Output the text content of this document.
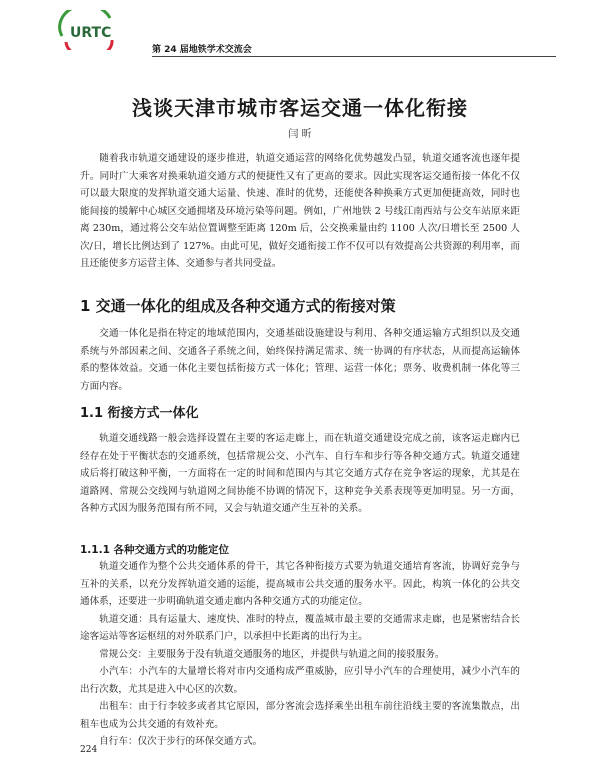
URTC
第 24 届地铁学术交流会
浅谈天津市城市客运交通一体化衔接
闫 昕

随着我市轨道交通建设的逐步推进，轨道交通运营的网络化优势越发凸显，轨道交通客流也逐年提升。同时广大乘客对换乘轨道交通方式的便捷性又有了更高的要求。因此实现客运交通衔接一体化不仅可以最大限度的发挥轨道交通大运量、快速、准时的优势，还能使各种换乘方式更加便捷高效，同时也能间接的缓解中心城区交通拥堵及环境污染等问题。例如，广州地铁 2 号线江南西站与公交车站原来距离 230m，通过将公交车站位置调整至距离 120m 后，公交换乘量由约 1100 人次/日增长至 2500 人次/日，增长比例达到了 127%。由此可见，做好交通衔接工作不仅可以有效提高公共资源的利用率，而且还能使多方运营主体、交通参与者共同受益。

1 交通一体化的组成及各种交通方式的衔接对策

交通一体化是指在特定的地域范围内，交通基础设施建设与利用、各种交通运输方式组织以及交通系统与外部因素之间、交通各子系统之间，始终保持满足需求、统一协调的有序状态，从而提高运输体系的整体效益。交通一体化主要包括衔接方式一体化；管理、运营一体化；票务、收费机制一体化等三方面内容。

1.1 衔接方式一体化

轨道交通线路一般会选择设置在主要的客运走廊上，而在轨道交通建设完成之前，该客运走廊内已经存在处于平衡状态的交通系统，包括常规公交、小汽车、自行车和步行等各种交通方式。轨道交通建成后将打破这种平衡，一方面将在一定的时间和范围内与其它交通方式存在竞争客运的现象，尤其是在道路网、常规公交线网与轨道网之间协能不协调的情况下，这种竞争关系表现等更加明显。另一方面，各种方式因为服务范围有所不同，又会与轨道交通产生互补的关系。

1.1.1 各种交通方式的功能定位

轨道交通作为整个公共交通体系的骨干，其它各种衔接方式要为轨道交通培育客流，协调好竞争与互补的关系，以充分发挥轨道交通的运能，提高城市公共交通的服务水平。因此，构筑一体化的公共交通体系，还要进一步明确轨道交通走廊内各种交通方式的功能定位。

轨道交通：具有运量大、速度快、准时的特点，覆盖城市最主要的交通需求走廊，也是紧密结合长途客运站等客运枢纽的对外联系门户，以承担中长距离的出行为主。

常规公交：主要服务于没有轨道交通服务的地区，并提供与轨道之间的接驳服务。

小汽车：小汽车的大量增长将对市内交通构成严重威胁，应引导小汽车的合理使用，减少小汽车的出行次数，尤其是进入中心区的次数。

出租车：由于行李较多或者其它原因，部分客流会选择乘坐出租车前往沿线主要的客流集散点，出租车也成为公共交通的有效补充。

自行车：仅次于步行的环保交通方式。

224
